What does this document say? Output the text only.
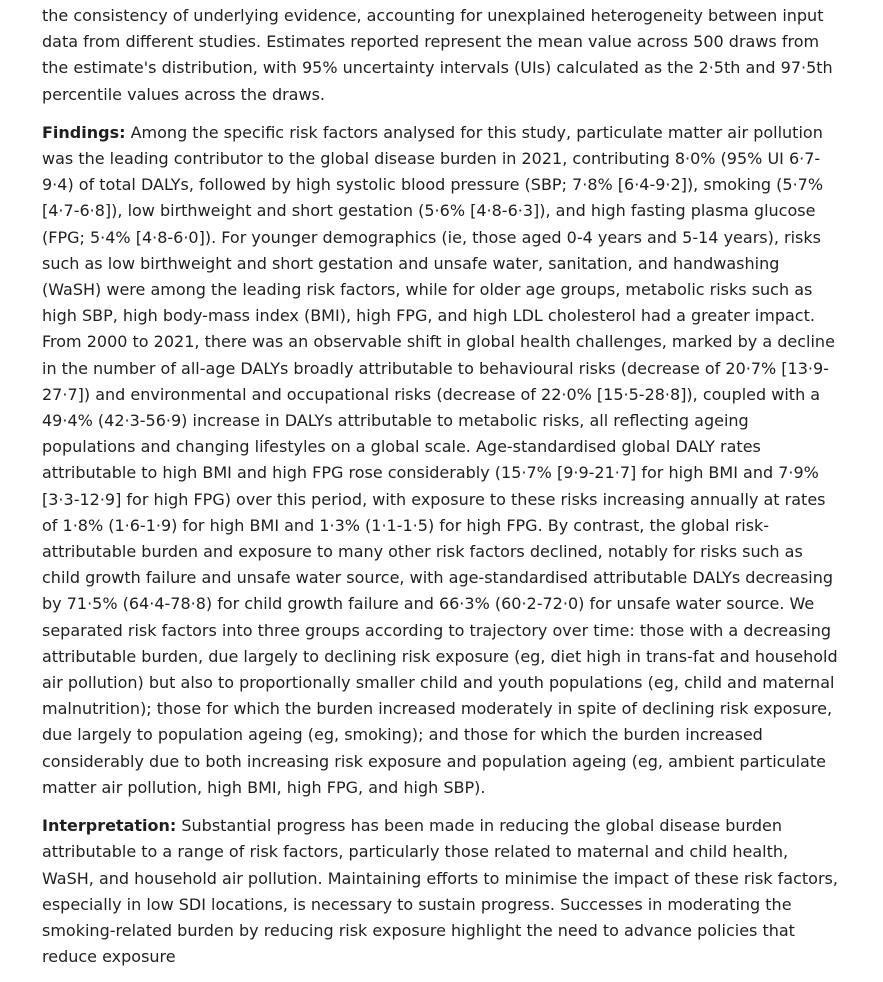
the consistency of underlying evidence, accounting for unexplained heterogeneity between input data from different studies. Estimates reported represent the mean value across 500 draws from the estimate's distribution, with 95% uncertainty intervals (UIs) calculated as the 2·5th and 97·5th percentile values across the draws.

Findings: Among the specific risk factors analysed for this study, particulate matter air pollution was the leading contributor to the global disease burden in 2021, contributing 8·0% (95% UI 6·7-9·4) of total DALYs, followed by high systolic blood pressure (SBP; 7·8% [6·4-9·2]), smoking (5·7% [4·7-6·8]), low birthweight and short gestation (5·6% [4·8-6·3]), and high fasting plasma glucose (FPG; 5·4% [4·8-6·0]). For younger demographics (ie, those aged 0-4 years and 5-14 years), risks such as low birthweight and short gestation and unsafe water, sanitation, and handwashing (WaSH) were among the leading risk factors, while for older age groups, metabolic risks such as high SBP, high body-mass index (BMI), high FPG, and high LDL cholesterol had a greater impact. From 2000 to 2021, there was an observable shift in global health challenges, marked by a decline in the number of all-age DALYs broadly attributable to behavioural risks (decrease of 20·7% [13·9-27·7]) and environmental and occupational risks (decrease of 22·0% [15·5-28·8]), coupled with a 49·4% (42·3-56·9) increase in DALYs attributable to metabolic risks, all reflecting ageing populations and changing lifestyles on a global scale. Age-standardised global DALY rates attributable to high BMI and high FPG rose considerably (15·7% [9·9-21·7] for high BMI and 7·9% [3·3-12·9] for high FPG) over this period, with exposure to these risks increasing annually at rates of 1·8% (1·6-1·9) for high BMI and 1·3% (1·1-1·5) for high FPG. By contrast, the global risk-attributable burden and exposure to many other risk factors declined, notably for risks such as child growth failure and unsafe water source, with age-standardised attributable DALYs decreasing by 71·5% (64·4-78·8) for child growth failure and 66·3% (60·2-72·0) for unsafe water source. We separated risk factors into three groups according to trajectory over time: those with a decreasing attributable burden, due largely to declining risk exposure (eg, diet high in trans-fat and household air pollution) but also to proportionally smaller child and youth populations (eg, child and maternal malnutrition); those for which the burden increased moderately in spite of declining risk exposure, due largely to population ageing (eg, smoking); and those for which the burden increased considerably due to both increasing risk exposure and population ageing (eg, ambient particulate matter air pollution, high BMI, high FPG, and high SBP).

Interpretation: Substantial progress has been made in reducing the global disease burden attributable to a range of risk factors, particularly those related to maternal and child health, WaSH, and household air pollution. Maintaining efforts to minimise the impact of these risk factors, especially in low SDI locations, is necessary to sustain progress. Successes in moderating the smoking-related burden by reducing risk exposure highlight the need to advance policies that reduce exposure
